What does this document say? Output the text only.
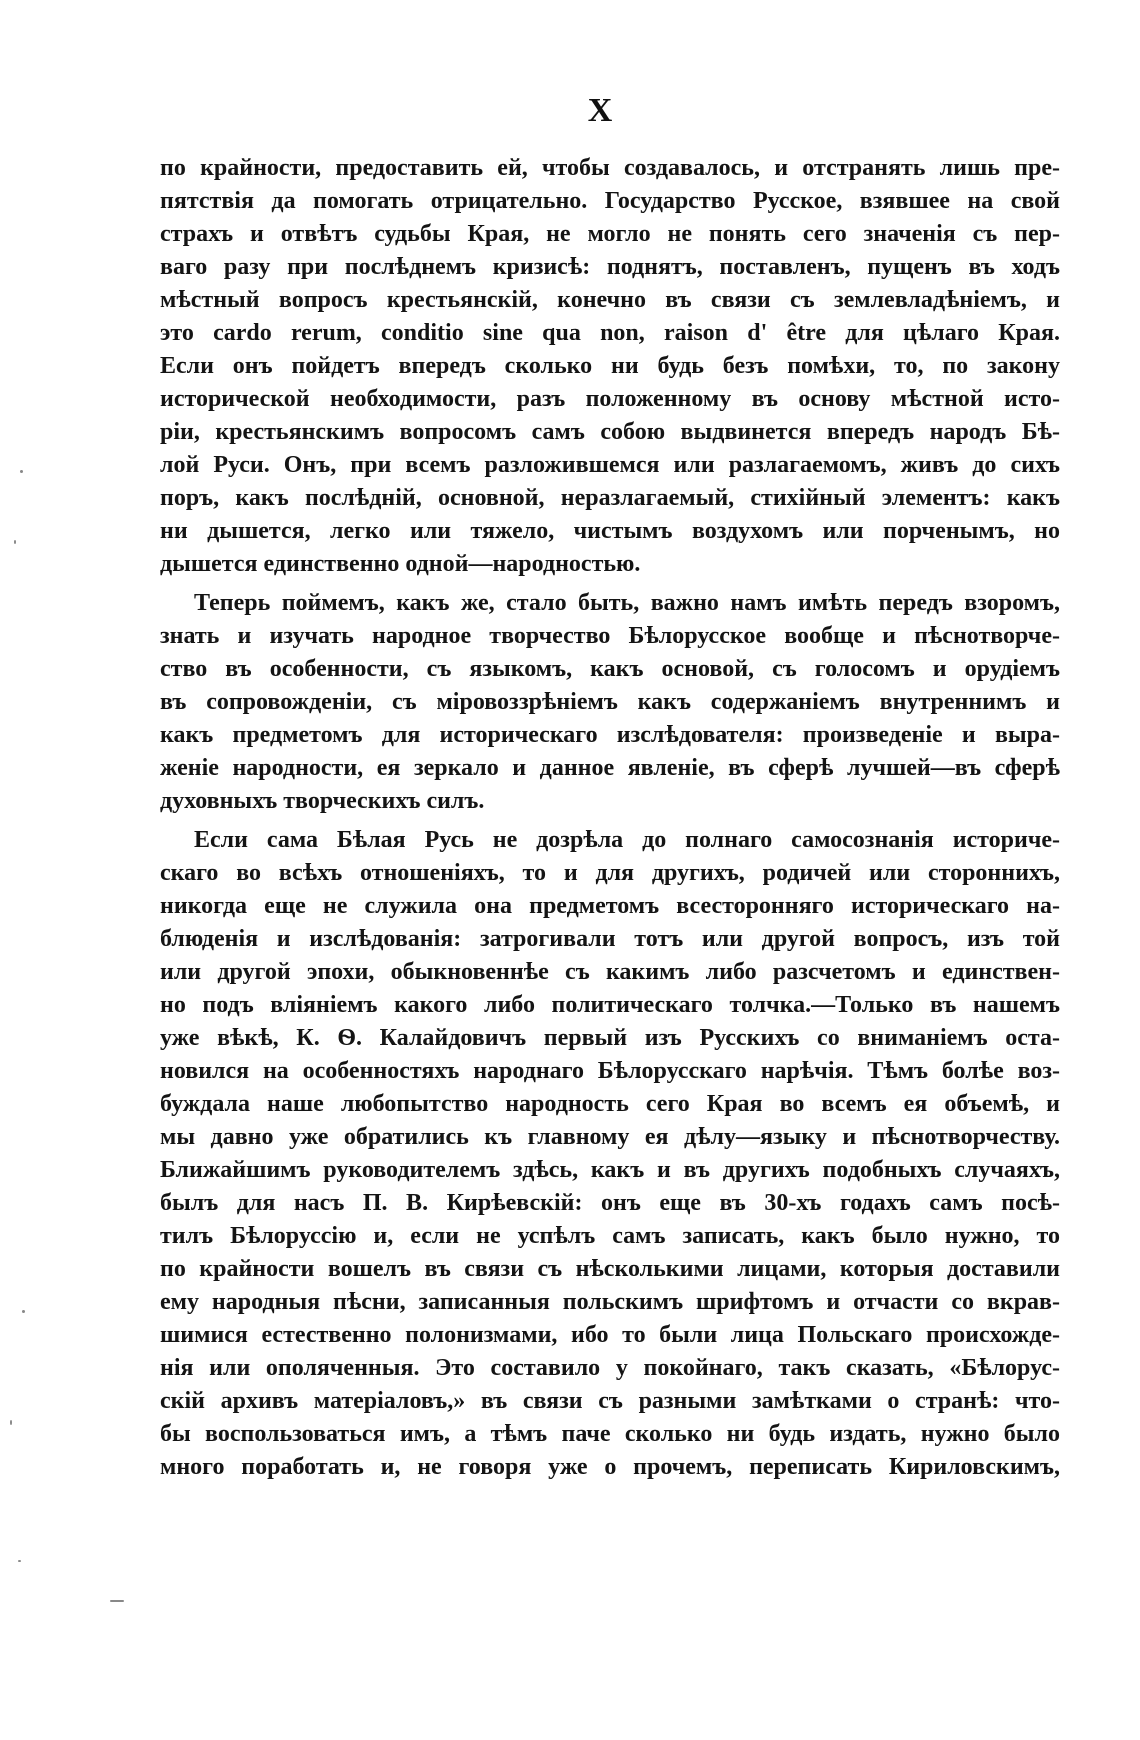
X
по крайности, предоставить ей, чтобы создавалось, и отстранять лишь пре-
пятствія да помогать отрицательно. Государство Русское, взявшее на свой
страхъ и отвѣтъ судьбы Края, не могло не понять сего значенія съ пер-
ваго разу при послѣднемъ кризисѣ: поднятъ, поставленъ, пущенъ въ ходъ
мѣстный вопросъ крестьянскій, конечно въ связи съ землевладѣніемъ, и
это cardo rerum, conditio sine qua non, raison d' être для цѣлаго Края.
Если онъ пойдетъ впередъ сколько ни будь безъ помѣхи, то, по закону
исторической необходимости, разъ положенному въ основу мѣстной исто-
ріи, крестьянскимъ вопросомъ самъ собою выдвинется впередъ народъ Бѣ-
лой Руси. Онъ, при всемъ разложившемся или разлагаемомъ, живъ до сихъ
поръ, какъ послѣдній, основной, неразлагаемый, стихійный элементъ: какъ
ни дышется, легко или тяжело, чистымъ воздухомъ или порченымъ, но
дышется единственно одной—народностью.
Теперь поймемъ, какъ же, стало быть, важно намъ имѣть передъ взоромъ,
знать и изучать народное творчество Бѣлорусское вообще и пѣснотворче-
ство въ особенности, съ языкомъ, какъ основой, съ голосомъ и орудіемъ
въ сопровожденіи, съ міровоззрѣніемъ какъ содержаніемъ внутреннимъ и
какъ предметомъ для историческаго изслѣдователя: произведеніе и выра-
женіе народности, ея зеркало и данное явленіе, въ сферѣ лучшей—въ сферѣ
духовныхъ творческихъ силъ.
Если сама Бѣлая Русь не дозрѣла до полнаго самосознанія историче-
скаго во всѣхъ отношеніяхъ, то и для другихъ, родичей или стороннихъ,
никогда еще не служила она предметомъ всесторонняго историческаго на-
блюденія и изслѣдованія: затрогивали тотъ или другой вопросъ, изъ той
или другой эпохи, обыкновеннѣе съ какимъ либо разсчетомъ и единствен-
но подъ вліяніемъ какого либо политическаго толчка.—Только въ нашемъ
уже вѣкѣ, К. Ѳ. Калайдовичъ первый изъ Русскихъ со вниманіемъ оста-
новился на особенностяхъ народнаго Бѣлорусскаго нарѣчія. Тѣмъ болѣе воз-
буждала наше любопытство народность сего Края во всемъ ея объемѣ, и
мы давно уже обратились къ главному ея дѣлу—языку и пѣснотворчеству.
Ближайшимъ руководителемъ здѣсь, какъ и въ другихъ подобныхъ случаяхъ,
былъ для насъ П. В. Кирѣевскій: онъ еще въ 30-хъ годахъ самъ посѣ-
тилъ Бѣлоруссію и, если не успѣлъ самъ записать, какъ было нужно, то
по крайности вошелъ въ связи съ нѣсколькими лицами, которыя доставили
ему народныя пѣсни, записанныя польскимъ шрифтомъ и отчасти со вкрав-
шимися естественно полонизмами, ибо то были лица Польскаго происхожде-
нія или ополяченныя. Это составило у покойнаго, такъ сказать, «Бѣлорус-
скій архивъ матеріаловъ,» въ связи съ разными замѣтками о странѣ: что-
бы воспользоваться имъ, а тѣмъ паче сколько ни будь издать, нужно было
много поработать и, не говоря уже о прочемъ, переписать Кириловскимъ,
